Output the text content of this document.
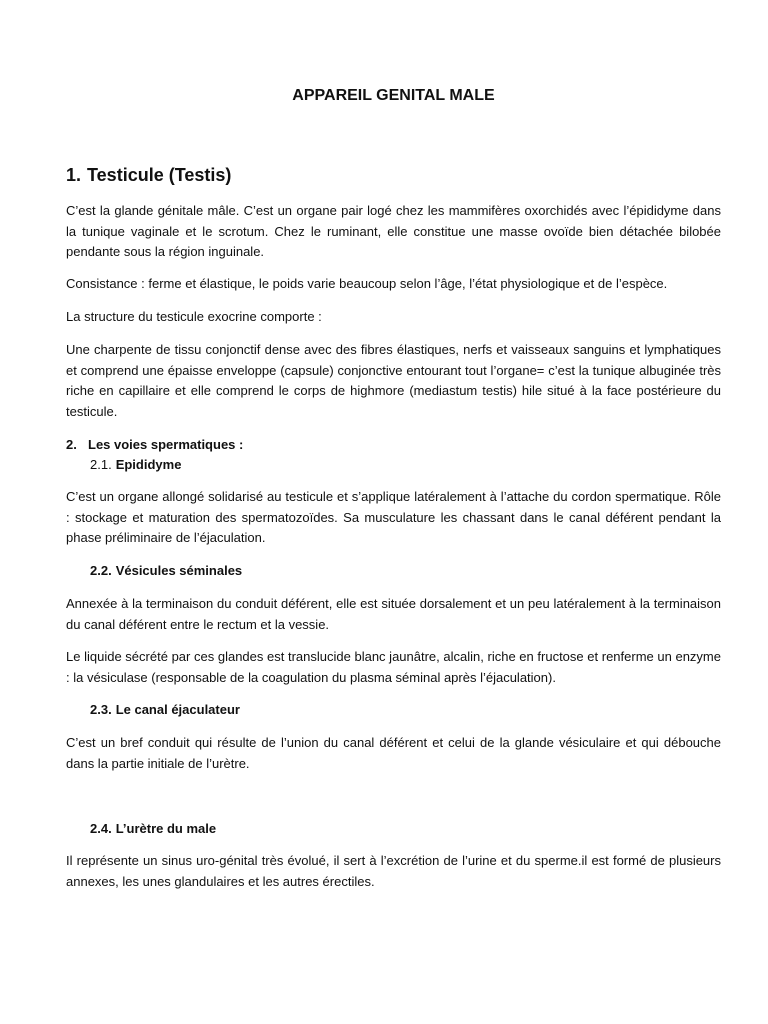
APPAREIL GENITAL MALE
1. Testicule (Testis)

C’est la glande génitale mâle. C’est un organe pair logé chez les mammifères oxorchidés avec l’épididyme dans la tunique vaginale et le scrotum. Chez le ruminant, elle constitue une masse ovoïde bien détachée bilobée pendante sous la région inguinale.

Consistance : ferme et élastique, le poids varie beaucoup selon l’âge, l’état physiologique et de l’espèce.

La structure du testicule exocrine comporte :

Une charpente de tissu conjonctif dense avec des fibres élastiques, nerfs et vaisseaux sanguins et lymphatiques et comprend une épaisse enveloppe (capsule) conjonctive entourant tout l’organe= c’est la tunique albuginée très riche en capillaire et elle comprend le corps de highmore (mediastum testis) hile situé à la face postérieure du testicule.

2. Les voies spermatiques :
2.1. Epididyme

C’est un organe allongé solidarisé au testicule et s’applique latéralement à l’attache du cordon spermatique. Rôle : stockage et maturation des spermatozoïdes. Sa musculature les chassant dans le canal déférent pendant la phase préliminaire de l’éjaculation.

2.2. Vésicules séminales

Annexée à la terminaison du conduit déférent, elle est située dorsalement et un peu latéralement à la terminaison du canal déférent entre le rectum et la vessie.

Le liquide sécrété par ces glandes est translucide blanc jaunâtre, alcalin, riche en fructose et renferme un enzyme : la vésiculase (responsable de la coagulation du plasma séminal après l’éjaculation).

2.3. Le canal éjaculateur

C’est un bref conduit qui résulte de l’union du canal déférent et celui de la glande vésiculaire et qui débouche dans la partie initiale de l’urètre.

2.4. L’urètre du male

Il représente un sinus uro-génital très évolué, il sert à l’excrétion de l’urine et du sperme.il est formé de plusieurs annexes, les unes glandulaires et les autres érectiles.
